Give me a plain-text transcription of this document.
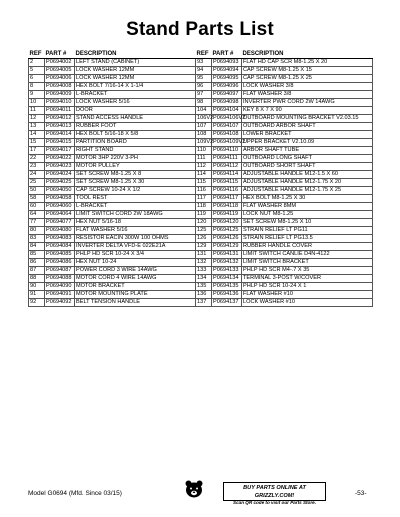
Stand Parts List
REF	PART #	DESCRIPTION
2	P0694002	LEFT STAND (CABINET)
5	P0694005	LOCK WASHER 12MM
6	P0694006	LOCK WASHER 12MM
8	P0694008	HEX BOLT 7/16-14 X 1-1/4
9	P0694009	L-BRACKET
10	P0694010	LOCK WASHER 5/16
11	P0694011	DOOR
12	P0694012	STAND ACCESS HANDLE
13	P0694013	RUBBER FOOT
14	P0694014	HEX BOLT 5/16-18 X 5/8
15	P0694015	PARTITION BOARD
17	P0694017	RIGHT STAND
22	P0694022	MOTOR 3HP 220V 3-PH
23	P0694023	MOTOR PULLEY
24	P0694024	SET SCREW M8-1.25 X 8
25	P0694025	SET SCREW M8-1.25 X 30
50	P0694050	CAP SCREW 10-24 X 1/2
58	P0694058	TOOL REST
60	P0694060	L-BRACKET
64	P0694064	LIMIT SWITCH CORD 2W 18AWG
77	P0694077	HEX NUT 5/16-18
80	P0694080	FLAT WASHER 5/16
83	P0694083	RESISTOR EACIN 300W 100 OHMS
84	P0694084	INVERTER DELTA VFD-E 022E21A
85	P0694085	PHLP HD SCR 10-24 X 3/4
86	P0694086	HEX NUT 10-24
87	P0694087	POWER CORD 3 WIRE 14AWG
88	P0694088	MOTOR CORD 4 WIRE 14AWG
90	P0694090	MOTOR BRACKET
91	P0694091	MOTOR MOUNTING PLATE
92	P0694092	BELT TENSION HANDLE
REF	PART #	DESCRIPTION
93	P0694093	FLAT HD CAP SCR M8-1.25 X 20
94	P0694094	CAP SCREW M8-1.25 X 15
95	P0694095	CAP SCREW M8-1.25 X 25
96	P0694096	LOCK WASHER 3/8
97	P0694097	FLAT WASHER 3/8
98	P0694098	INVERTER PWR CORD 2W 14AWG
104	P0694104	KEY 8 X 7 X 90
106V2	P0694106V2	OUTBOARD MOUNTING BRACKET V2.03.15
107	P0694107	OUTBOARD ARBOR SHAFT
108	P0694108	LOWER BRACKET
109V2	P0694109V2	UPPER BRACKET V2.10.09
110	P0694110	ARBOR SHAFT TUBE
111	P0694111	OUTBOARD LONG SHAFT
112	P0694112	OUTBOARD SHORT SHAFT
114	P0694114	ADJUSTABLE HANDLE M12-1.5 X 60
115	P0694115	ADJUSTABLE HANDLE M12-1.75 X 20
116	P0694116	ADJUSTABLE HANDLE M12-1.75 X 25
117	P0694117	HEX BOLT M8-1.25 X 30
118	P0694118	FLAT WASHER 8MM
119	P0694119	LOCK NUT M8-1.25
120	P0694120	SET SCREW M8-1.25 X 10
125	P0694125	STRAIN RELIEF LT PG11
126	P0694126	STRAIN RELIEF LT PG13.5
129	P0694129	RUBBER HANDLE COVER
131	P0694131	LIMIT SWITCH CANLIE D4N-4122
132	P0694132	LIMIT SWITCH BRACKET
133	P0694133	PHLP HD SCR M4-.7 X 35
134	P0694134	TERMINAL 3-POST W/COVER
135	P0694135	PHLP HD SCR 10-24 X 1
136	P0694136	FLAT WASHER #10
137	P0694137	LOCK WASHER #10
Model G0694 (Mfd. Since 03/15)
BUY PARTS ONLINE AT GRIZZLY.COM!
Scan QR code to visit our Parts Store.
-53-
